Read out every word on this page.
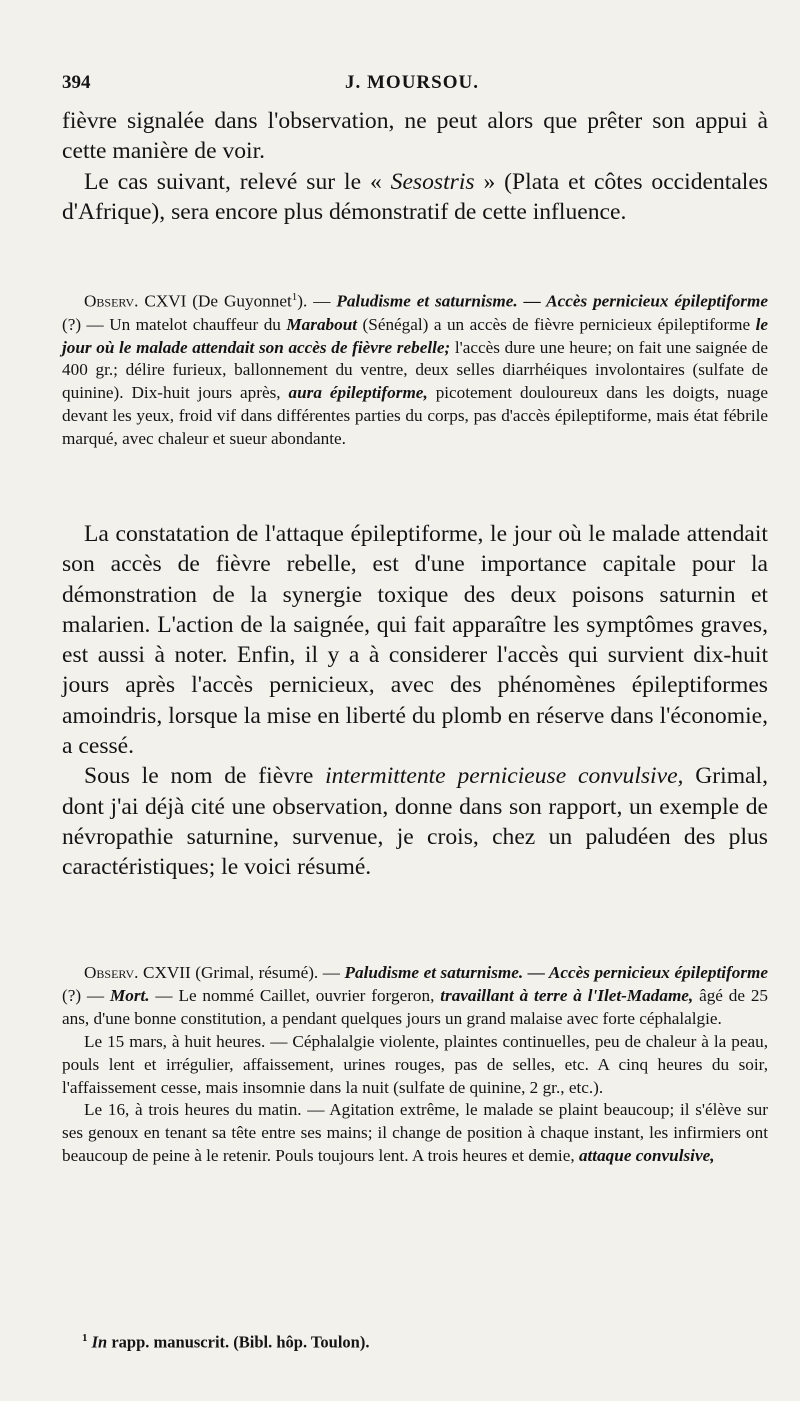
394	J. MOURSOU.

fièvre signalée dans l'observation, ne peut alors que prêter son appui à cette manière de voir.

Le cas suivant, relevé sur le « Sesostris » (Plata et côtes occidentales d'Afrique), sera encore plus démonstratif de cette influence.

Observ. CXVI (De Guyonnet$^1$). — Paludisme et saturnisme. — Accès pernicieux épileptiforme (?) — Un matelot chauffeur du Marabout (Sénégal) a un accès de fièvre pernicieux épileptiforme le jour où le malade attendait son accès de fièvre rebelle; l'accès dure une heure; on fait une saignée de 400 gr.; délire furieux, ballonnement du ventre, deux selles diarrhéiques involontaires (sulfate de quinine). Dix-huit jours après, aura épileptiforme, picotement douloureux dans les doigts, nuage devant les yeux, froid vif dans différentes parties du corps, pas d'accès épileptiforme, mais état fébrile marqué, avec chaleur et sueur abondante.

La constatation de l'attaque épileptiforme, le jour où le malade attendait son accès de fièvre rebelle, est d'une importance capitale pour la démonstration de la synergie toxique des deux poisons saturnin et malarien. L'action de la saignée, qui fait apparaître les symptômes graves, est aussi à noter. Enfin, il y a à considerer l'accès qui survient dix-huit jours après l'accès pernicieux, avec des phénomènes épileptiformes amoindris, lorsque la mise en liberté du plomb en réserve dans l'économie, a cessé.

Sous le nom de fièvre intermittente pernicieuse convulsive, Grimal, dont j'ai déjà cité une observation, donne dans son rapport, un exemple de névropathie saturnine, survenue, je crois, chez un paludéen des plus caractéristiques; le voici résumé.

Observ. CXVII (Grimal, résumé). — Paludisme et saturnisme. — Accès pernicieux épileptiforme (?) — Mort. — Le nommé Caillet, ouvrier forgeron, travaillant à terre à l'Ilet-Madame, âgé de 25 ans, d'une bonne constitution, a pendant quelques jours un grand malaise avec forte céphalalgie.

Le 15 mars, à huit heures. — Céphalalgie violente, plaintes continuelles, peu de chaleur à la peau, pouls lent et irrégulier, affaissement, urines rouges, pas de selles, etc. A cinq heures du soir, l'affaissement cesse, mais insomnie dans la nuit (sulfate de quinine, 2 gr., etc.).

Le 16, à trois heures du matin. — Agitation extrême, le malade se plaint beaucoup; il s'élève sur ses genoux en tenant sa tête entre ses mains; il change de position à chaque instant, les infirmiers ont beaucoup de peine à le retenir. Pouls toujours lent. A trois heures et demie, attaque convulsive,

$^1$ In rapp. manuscrit. (Bibl. hôp. Toulon).
